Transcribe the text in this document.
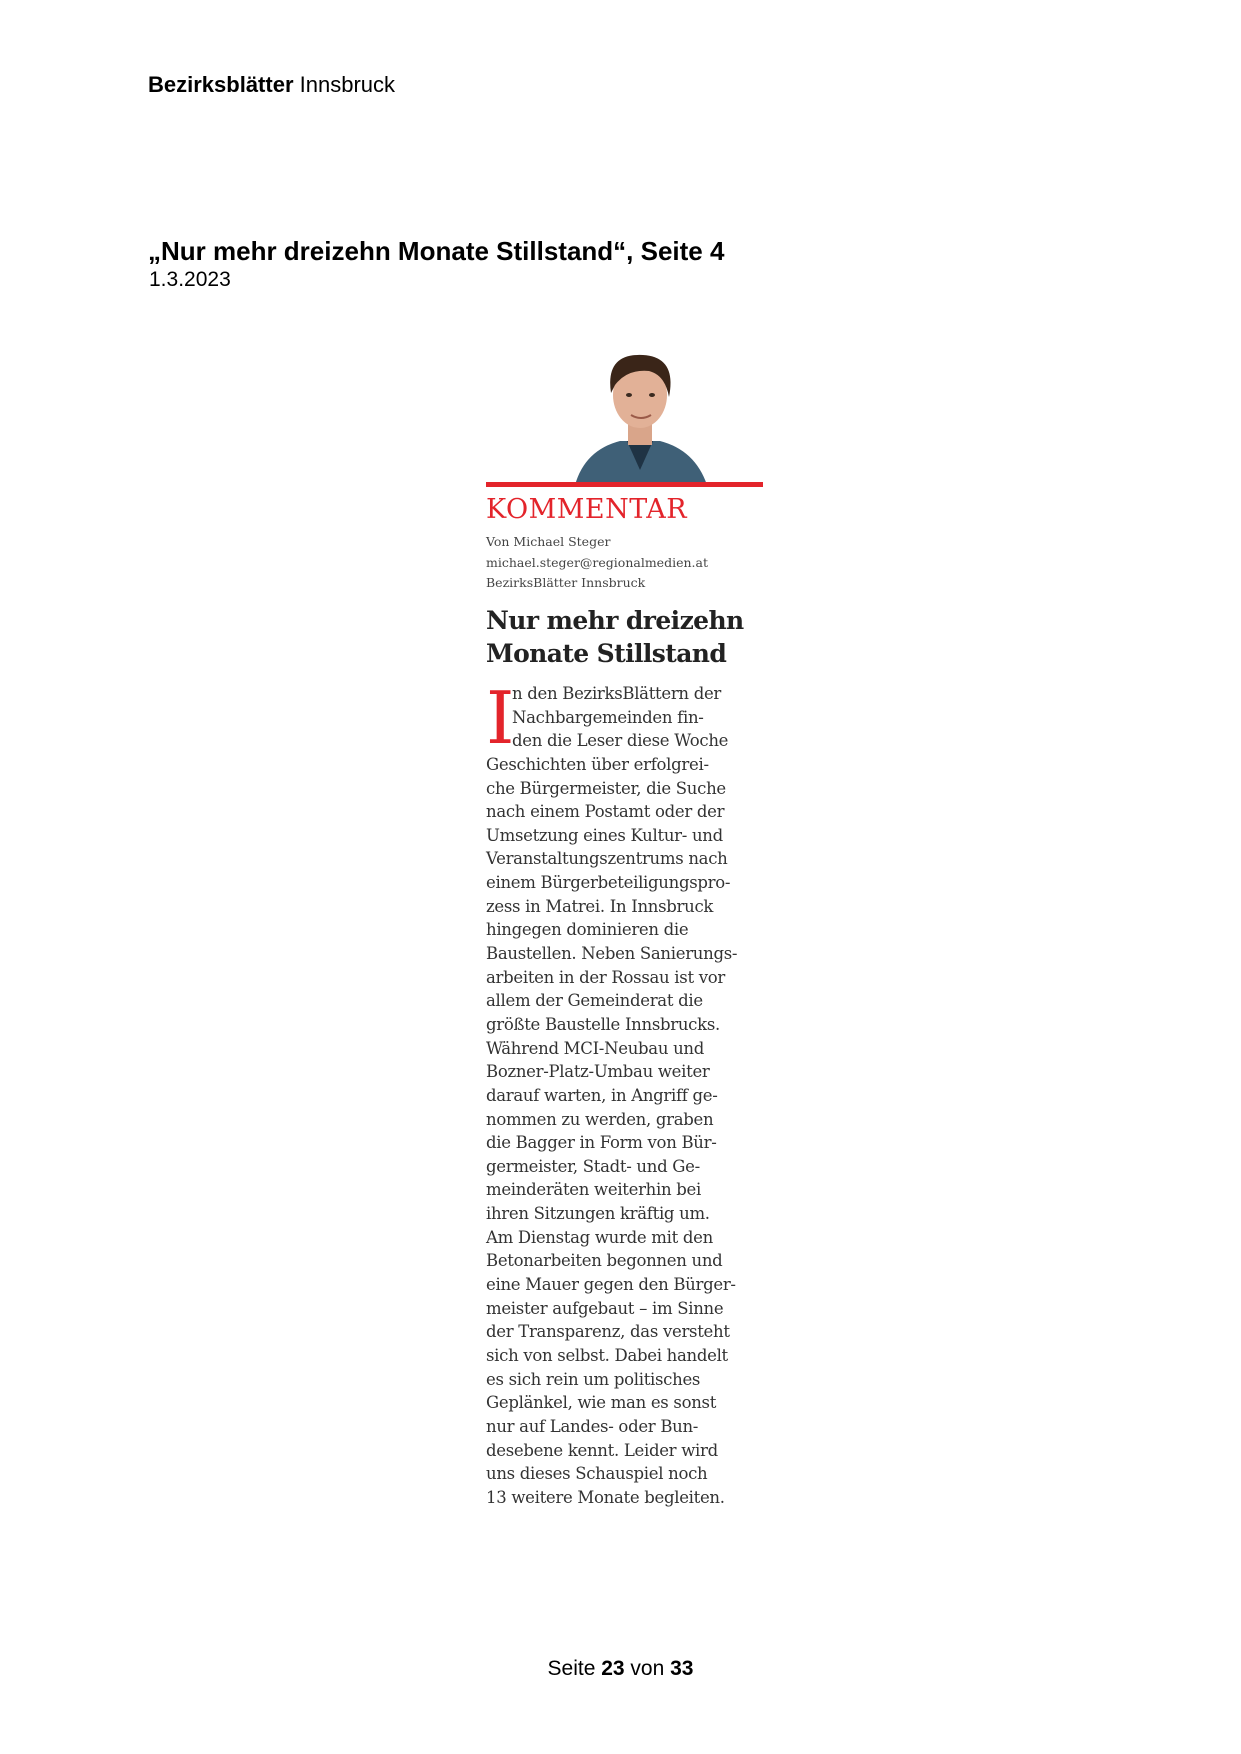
Bezirksblätter Innsbruck
„Nur mehr dreizehn Monate Stillstand“, Seite 4
1.3.2023
KOMMENTAR
Von Michael Steger
michael.steger@regionalmedien.at
BezirksBlätter Innsbruck
Nur mehr dreizehn
Monate Stillstand
I
n den BezirksBlättern der
Nachbargemeinden fin-
den die Leser diese Woche
Geschichten über erfolgrei-
che Bürgermeister, die Suche
nach einem Postamt oder der
Umsetzung eines Kultur- und
Veranstaltungszentrums nach
einem Bürgerbeteiligungspro-
zess in Matrei. In Innsbruck
hingegen dominieren die
Baustellen. Neben Sanierungs-
arbeiten in der Rossau ist vor
allem der Gemeinderat die
größte Baustelle Innsbrucks.
Während MCI-Neubau und
Bozner-Platz-Umbau weiter
darauf warten, in Angriff ge-
nommen zu werden, graben
die Bagger in Form von Bür-
germeister, Stadt- und Ge-
meinderäten weiterhin bei
ihren Sitzungen kräftig um.
Am Dienstag wurde mit den
Betonarbeiten begonnen und
eine Mauer gegen den Bürger-
meister aufgebaut – im Sinne
der Transparenz, das versteht
sich von selbst. Dabei handelt
es sich rein um politisches
Geplänkel, wie man es sonst
nur auf Landes- oder Bun-
desebene kennt. Leider wird
uns dieses Schauspiel noch
13 weitere Monate begleiten.
Seite 23 von 33
